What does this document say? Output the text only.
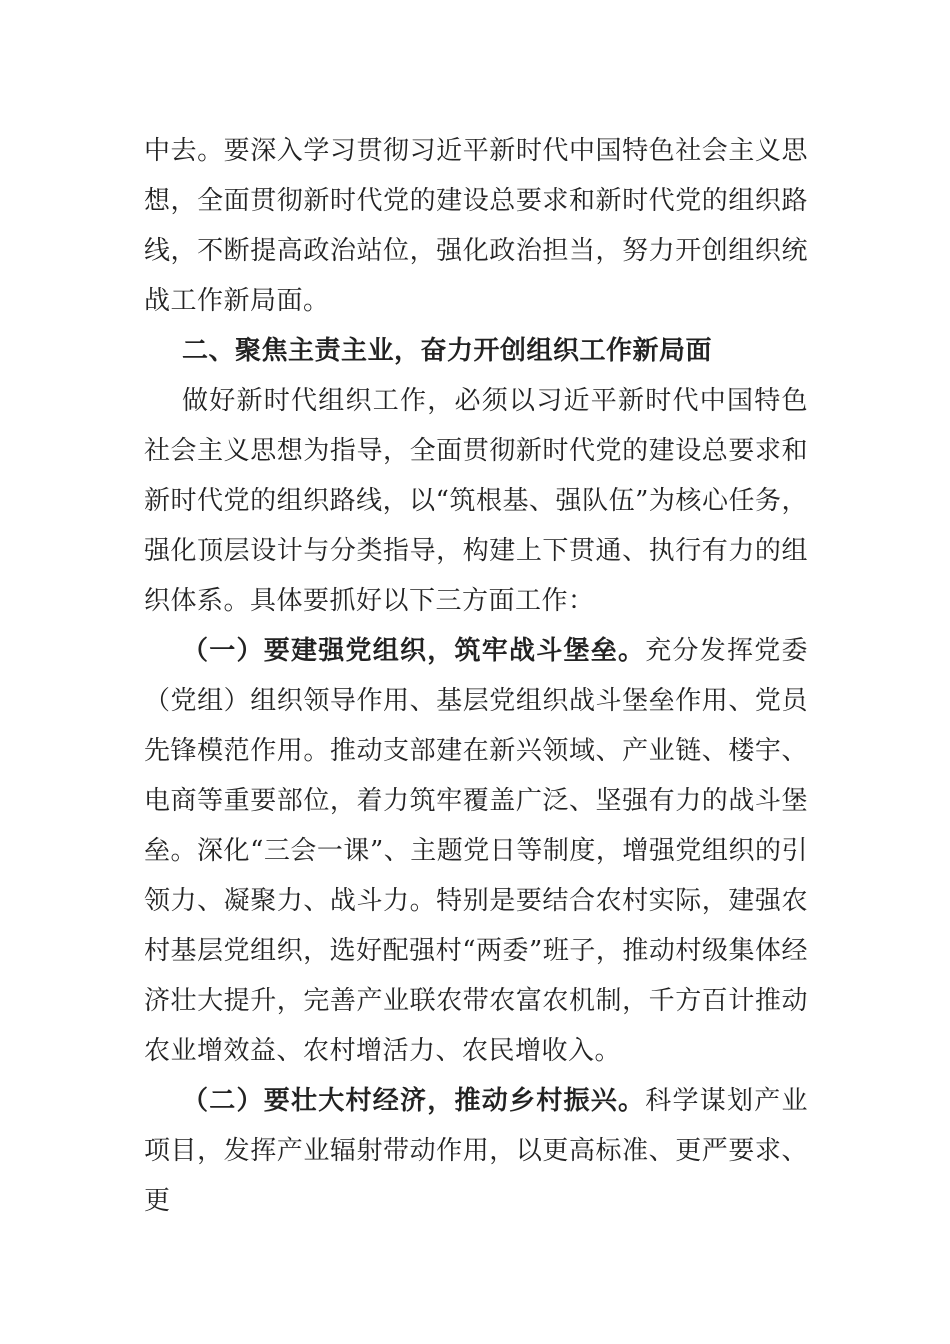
中去。要深入学习贯彻习近平新时代中国特色社会主义思想，全面贯彻新时代党的建设总要求和新时代党的组织路线，不断提高政治站位，强化政治担当，努力开创组织统战工作新局面。

二、聚焦主责主业，奋力开创组织工作新局面

做好新时代组织工作，必须以习近平新时代中国特色社会主义思想为指导，全面贯彻新时代党的建设总要求和新时代党的组织路线，以“筑根基、强队伍”为核心任务，强化顶层设计与分类指导，构建上下贯通、执行有力的组织体系。具体要抓好以下三方面工作：

（一）要建强党组织，筑牢战斗堡垒。充分发挥党委（党组）组织领导作用、基层党组织战斗堡垒作用、党员先锋模范作用。推动支部建在新兴领域、产业链、楼宇、电商等重要部位，着力筑牢覆盖广泛、坚强有力的战斗堡垒。深化“三会一课”、主题党日等制度，增强党组织的引领力、凝聚力、战斗力。特别是要结合农村实际，建强农村基层党组织，选好配强村“两委”班子，推动村级集体经济壮大提升，完善产业联农带农富农机制，千方百计推动农业增效益、农村增活力、农民增收入。

（二）要壮大村经济，推动乡村振兴。科学谋划产业项目，发挥产业辐射带动作用，以更高标准、更严要求、更
